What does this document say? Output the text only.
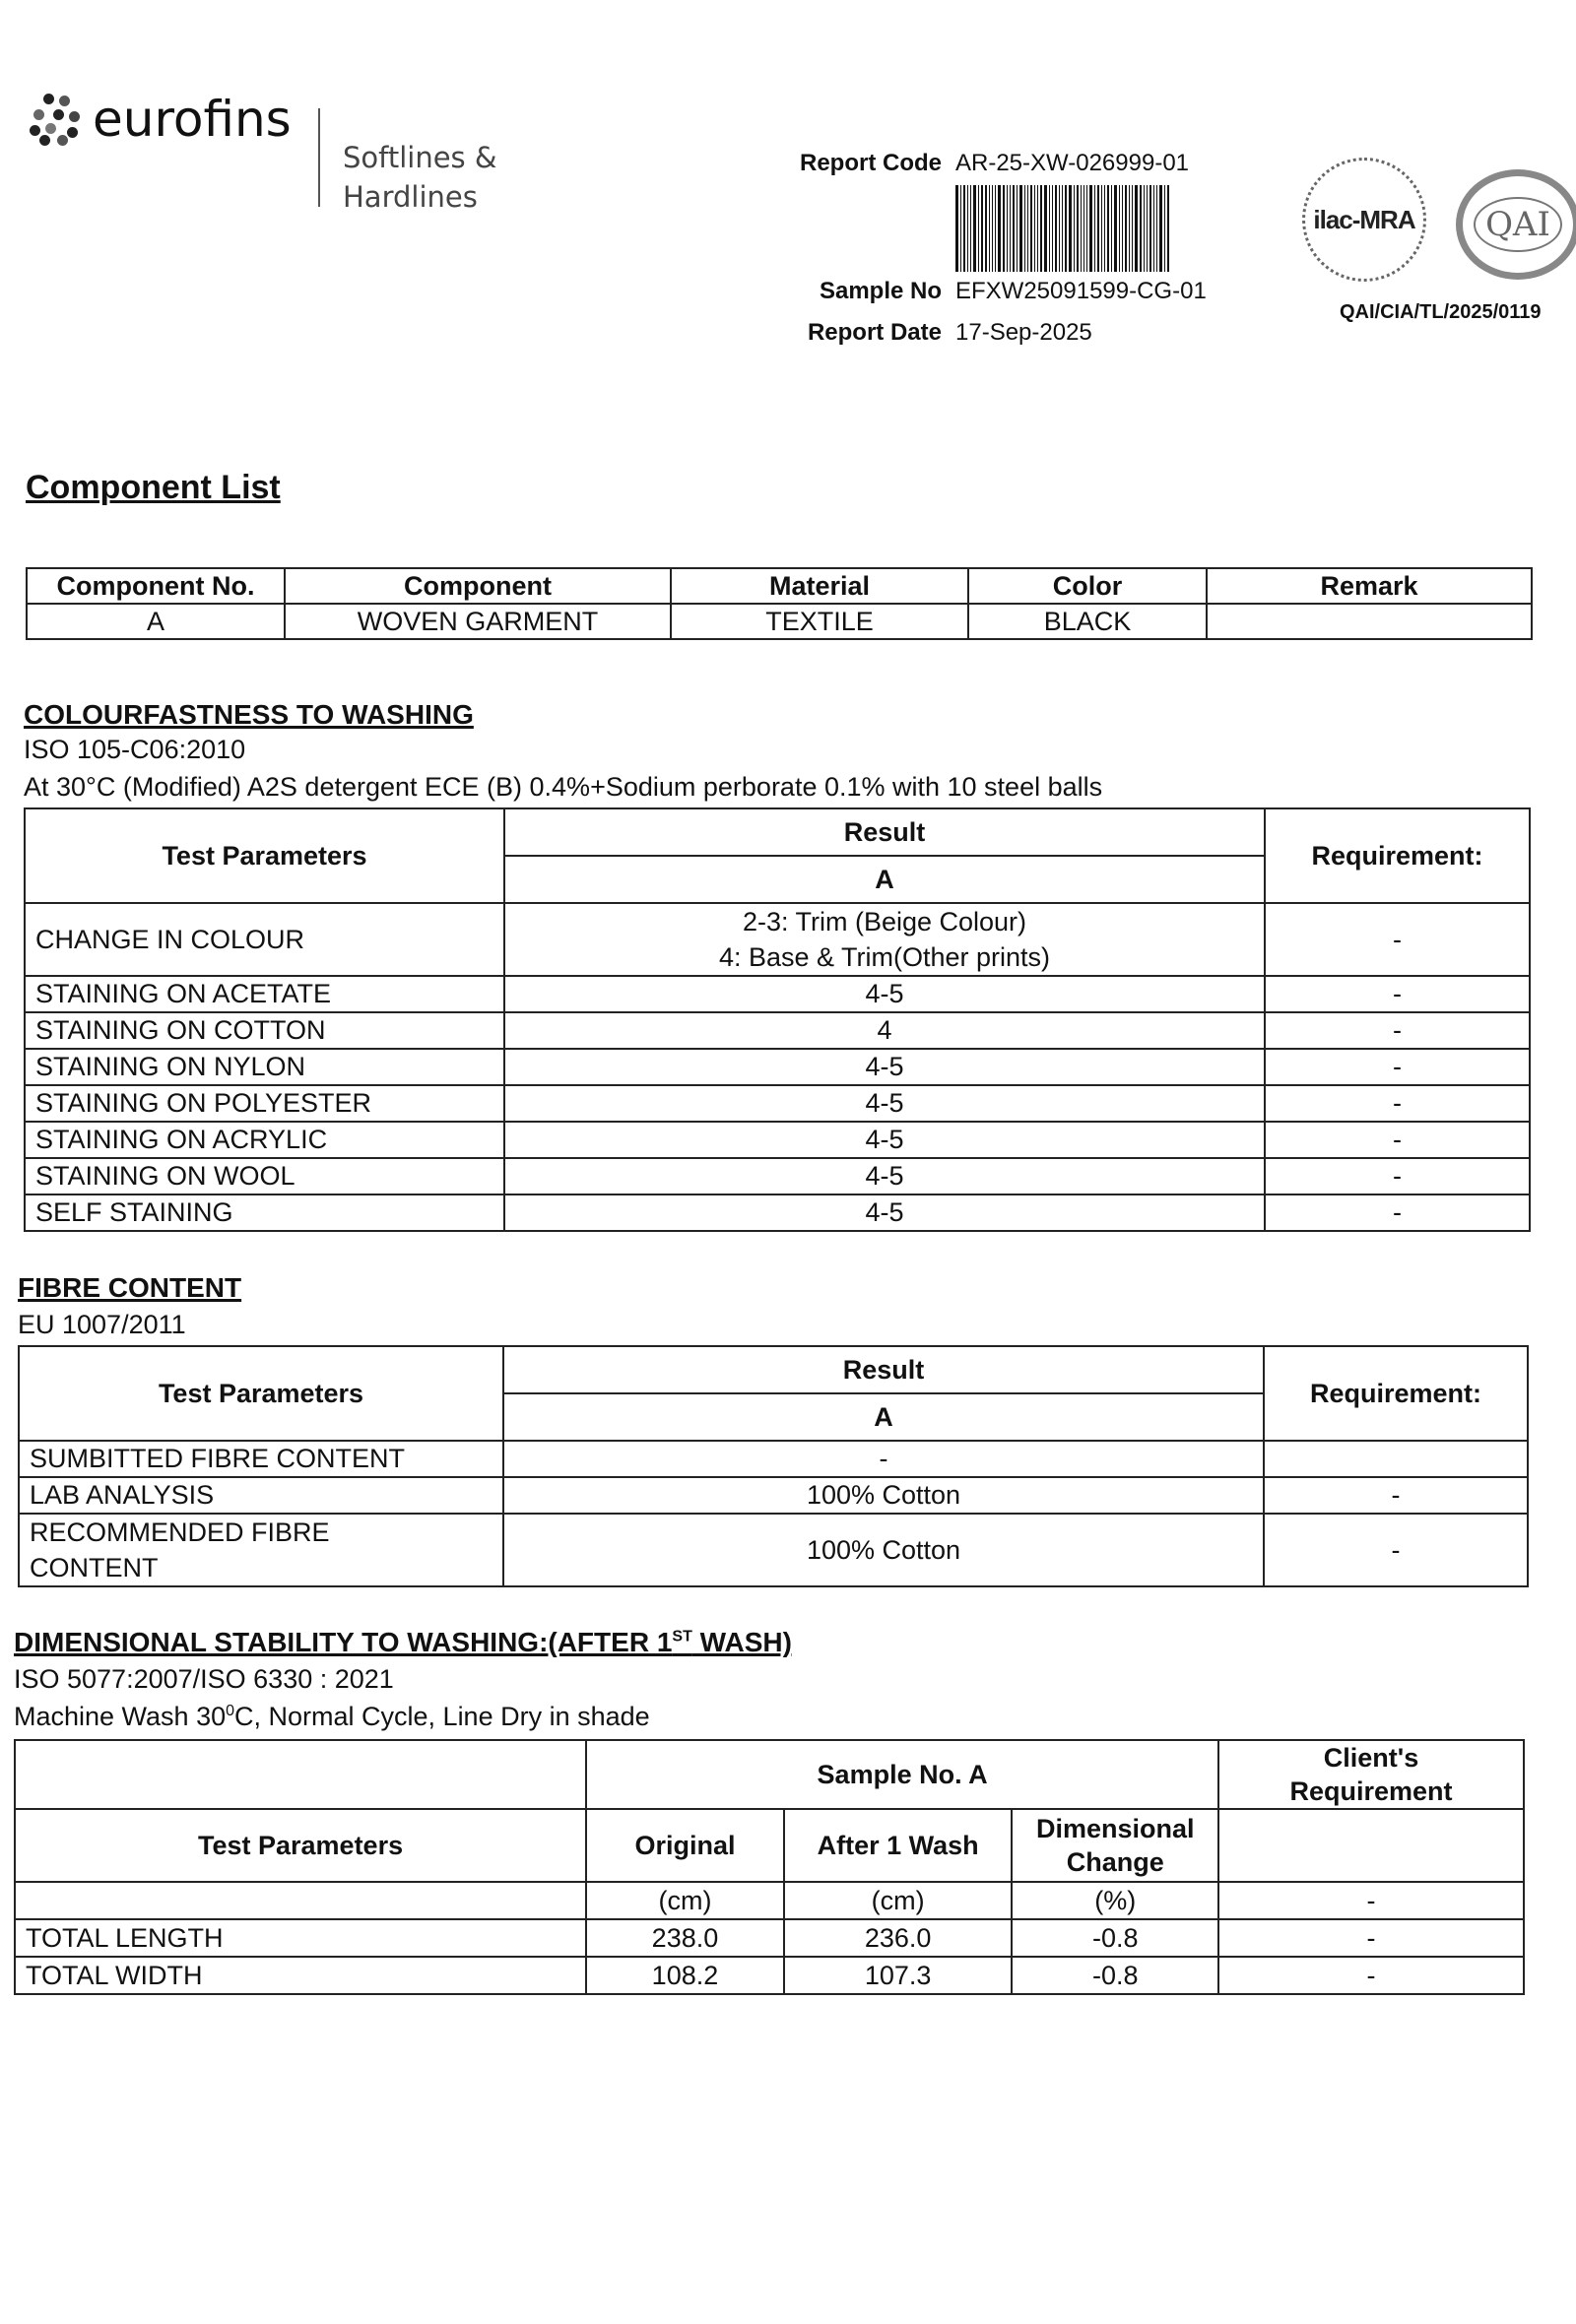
eurofins
Softlines &
Hardlines
Report Code AR-25-XW-026999-01
Sample No EFXW25091599-CG-01
Report Date 17-Sep-2025
ilac-MRA	QAI
QAI/CIA/TL/2025/0119
Component List
Component No.	Component	Material	Color	Remark
A	WOVEN GARMENT	TEXTILE	BLACK	
COLOURFASTNESS TO WASHING
ISO 105-C06:2010
At 30°C (Modified) A2S detergent ECE (B) 0.4%+Sodium perborate 0.1% with 10 steel balls
Test Parameters	Result	Requirement:
	A	
CHANGE IN COLOUR	2-3: Trim (Beige Colour)
4: Base & Trim(Other prints)	-
STAINING ON ACETATE	4-5	-
STAINING ON COTTON	4	-
STAINING ON NYLON	4-5	-
STAINING ON POLYESTER	4-5	-
STAINING ON ACRYLIC	4-5	-
STAINING ON WOOL	4-5	-
SELF STAINING	4-5	-
FIBRE CONTENT
EU 1007/2011
Test Parameters	Result	Requirement:
	A	
SUMBITTED FIBRE CONTENT	-	
LAB ANALYSIS	100% Cotton	-

RECOMMENDED FIBRE
CONTENT	100% Cotton	-
DIMENSIONAL STABILITY TO WASHING:(AFTER 1ST WASH)
ISO 5077:2007/ISO 6330 : 2021
Machine Wash $30^0C$, Normal Cycle, Line Dry in shade
	Sample No. A			Client's
Requirement

Test Parameters	Original	After 1 Wash	Dimensional
Change	

	(cm)	(cm)	(%)	-
TOTAL LENGTH	238.0	236.0	-0.8	-
TOTAL WIDTH	108.2	107.3	-0.8	-
